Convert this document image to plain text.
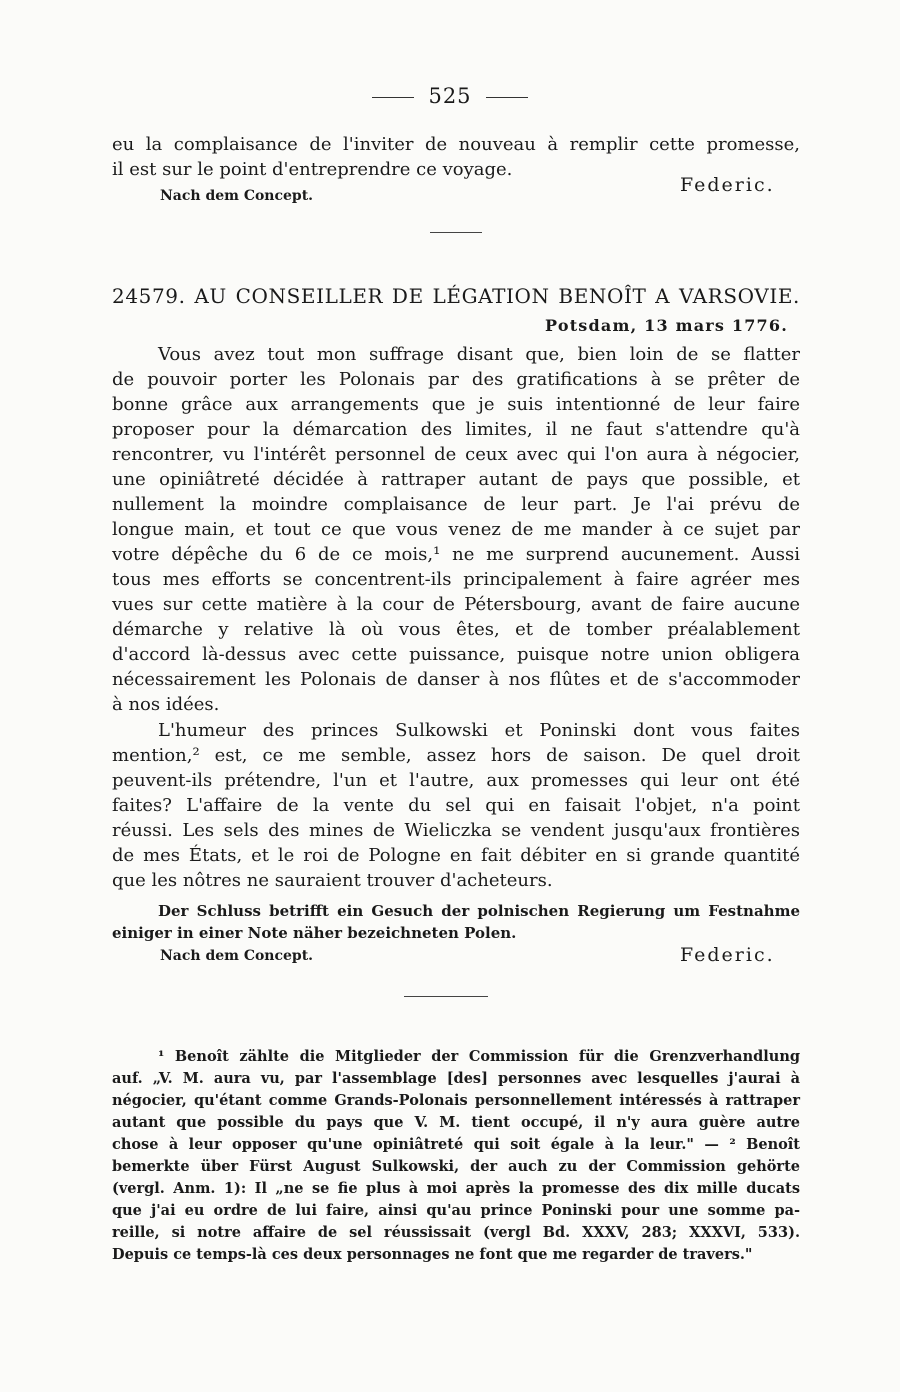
525
eu la complaisance de l'inviter de nouveau à remplir cette promesse,
il est sur le point d'entreprendre ce voyage.
Nach dem Concept.	Federic.
24579. AU CONSEILLER DE LÉGATION BENOÎT A VARSOVIE.
Potsdam, 13 mars 1776.
Vous avez tout mon suffrage disant que, bien loin de se flatter
de pouvoir porter les Polonais par des gratifications à se prêter de
bonne grâce aux arrangements que je suis intentionné de leur faire
proposer pour la démarcation des limites, il ne faut s'attendre qu'à
rencontrer, vu l'intérêt personnel de ceux avec qui l'on aura à négocier,
une opiniâtreté décidée à rattraper autant de pays que possible, et
nullement la moindre complaisance de leur part. Je l'ai prévu de
longue main, et tout ce que vous venez de me mander à ce sujet par
votre dépêche du 6 de ce mois,¹ ne me surprend aucunement. Aussi
tous mes efforts se concentrent-ils principalement à faire agréer mes
vues sur cette matière à la cour de Pétersbourg, avant de faire aucune
démarche y relative là où vous êtes, et de tomber préalablement
d'accord là-dessus avec cette puissance, puisque notre union obligera
nécessairement les Polonais de danser à nos flûtes et de s'accommoder
à nos idées.
L'humeur des princes Sulkowski et Poninski dont vous faites
mention,² est, ce me semble, assez hors de saison. De quel droit
peuvent-ils prétendre, l'un et l'autre, aux promesses qui leur ont été
faites? L'affaire de la vente du sel qui en faisait l'objet, n'a point
réussi. Les sels des mines de Wieliczka se vendent jusqu'aux frontières
de mes États, et le roi de Pologne en fait débiter en si grande quantité
que les nôtres ne sauraient trouver d'acheteurs.
Der Schluss betrifft ein Gesuch der polnischen Regierung um Festnahme
einiger in einer Note näher bezeichneten Polen.
Nach dem Concept.	Federic.
¹ Benoît zählte die Mitglieder der Commission für die Grenzverhandlung
auf. „V. M. aura vu, par l'assemblage [des] personnes avec lesquelles j'aurai à
négocier, qu'étant comme Grands-Polonais personnellement intéressés à rattraper
autant que possible du pays que V. M. tient occupé, il n'y aura guère autre
chose à leur opposer qu'une opiniâtreté qui soit égale à la leur." — ² Benoît
bemerkte über Fürst August Sulkowski, der auch zu der Commission gehörte
(vergl. Anm. 1): Il „ne se fie plus à moi après la promesse des dix mille ducats
que j'ai eu ordre de lui faire, ainsi qu'au prince Poninski pour une somme pa-
reille, si notre affaire de sel réussissait (vergl Bd. XXXV, 283; XXXVI, 533).
Depuis ce temps-là ces deux personnages ne font que me regarder de travers."
